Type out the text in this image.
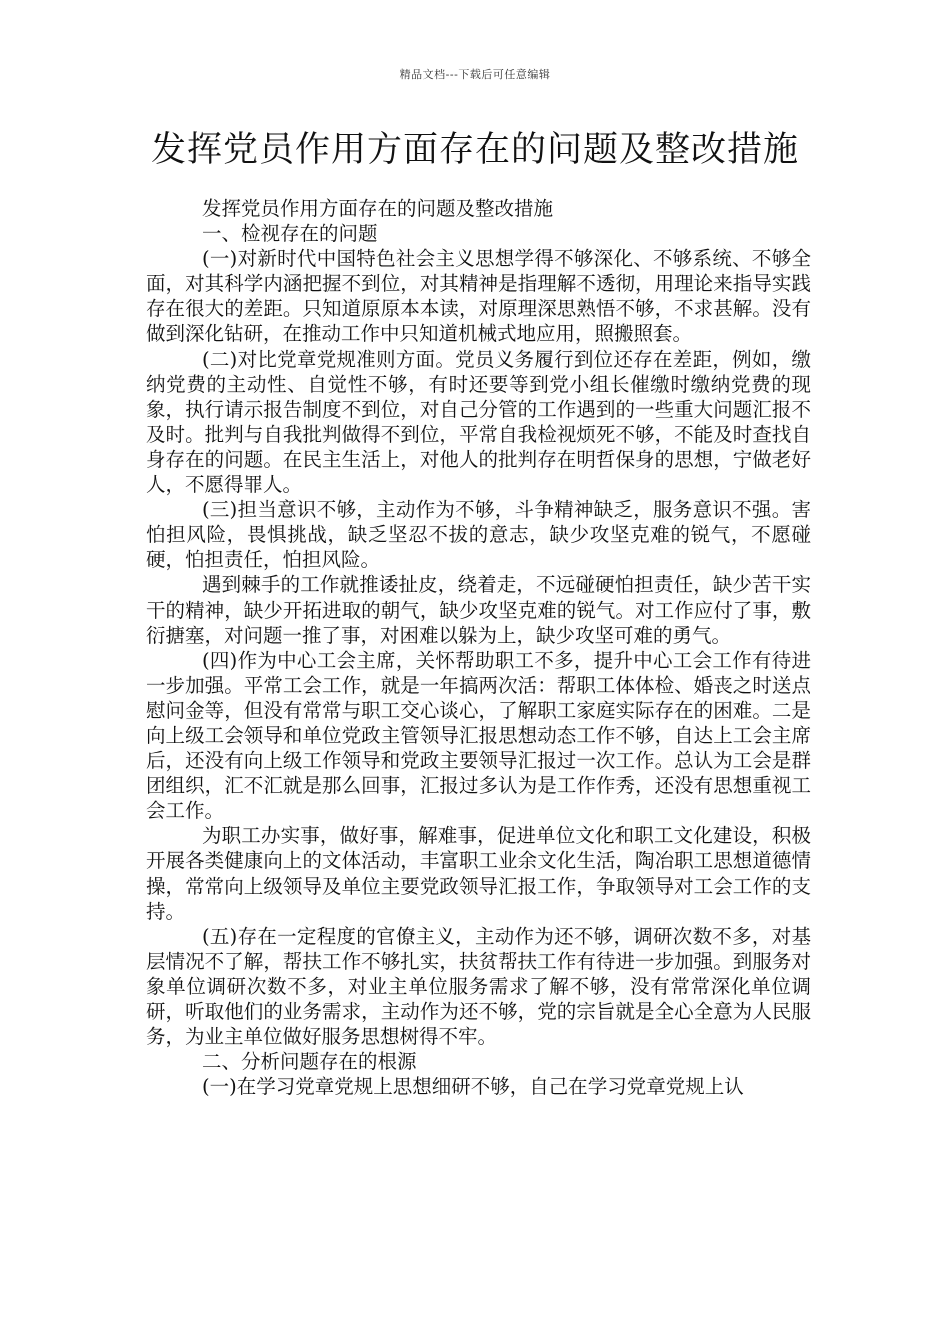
精品文档---下载后可任意编辑
发挥党员作用方面存在的问题及整改措施

发挥党员作用方面存在的问题及整改措施

一、检视存在的问题

(一)对新时代中国特色社会主义思想学得不够深化、不够系统、不够全面，对其科学内涵把握不到位，对其精神是指理解不透彻，用理论来指导实践存在很大的差距。只知道原原本本读，对原理深思熟悟不够，不求甚解。没有做到深化钻研，在推动工作中只知道机械式地应用，照搬照套。

(二)对比党章党规准则方面。党员义务履行到位还存在差距，例如，缴纳党费的主动性、自觉性不够，有时还要等到党小组长催缴时缴纳党费的现象，执行请示报告制度不到位，对自己分管的工作遇到的一些重大问题汇报不及时。批判与自我批判做得不到位，平常自我检视烦死不够，不能及时查找自身存在的问题。在民主生活上，对他人的批判存在明哲保身的思想，宁做老好人，不愿得罪人。

(三)担当意识不够，主动作为不够，斗争精神缺乏，服务意识不强。害怕担风险，畏惧挑战，缺乏坚忍不拔的意志，缺少攻坚克难的锐气，不愿碰硬，怕担责任，怕担风险。

遇到棘手的工作就推诿扯皮，绕着走，不远碰硬怕担责任，缺少苦干实干的精神，缺少开拓进取的朝气，缺少攻坚克难的锐气。对工作应付了事，敷衍搪塞，对问题一推了事，对困难以躲为上，缺少攻坚可难的勇气。

(四)作为中心工会主席，关怀帮助职工不多，提升中心工会工作有待进一步加强。平常工会工作，就是一年搞两次活：帮职工体体检、婚丧之时送点慰问金等，但没有常常与职工交心谈心，了解职工家庭实际存在的困难。二是向上级工会领导和单位党政主管领导汇报思想动态工作不够，自达上工会主席后，还没有向上级工作领导和党政主要领导汇报过一次工作。总认为工会是群团组织，汇不汇就是那么回事，汇报过多认为是工作作秀，还没有思想重视工会工作。

为职工办实事，做好事，解难事，促进单位文化和职工文化建设，积极开展各类健康向上的文体活动，丰富职工业余文化生活，陶冶职工思想道德情操，常常向上级领导及单位主要党政领导汇报工作，争取领导对工会工作的支持。

(五)存在一定程度的官僚主义，主动作为还不够，调研次数不多，对基层情况不了解，帮扶工作不够扎实，扶贫帮扶工作有待进一步加强。到服务对象单位调研次数不多，对业主单位服务需求了解不够，没有常常深化单位调研，听取他们的业务需求，主动作为还不够，党的宗旨就是全心全意为人民服务，为业主单位做好服务思想树得不牢。

二、分析问题存在的根源

(一)在学习党章党规上思想细研不够，自己在学习党章党规上认
